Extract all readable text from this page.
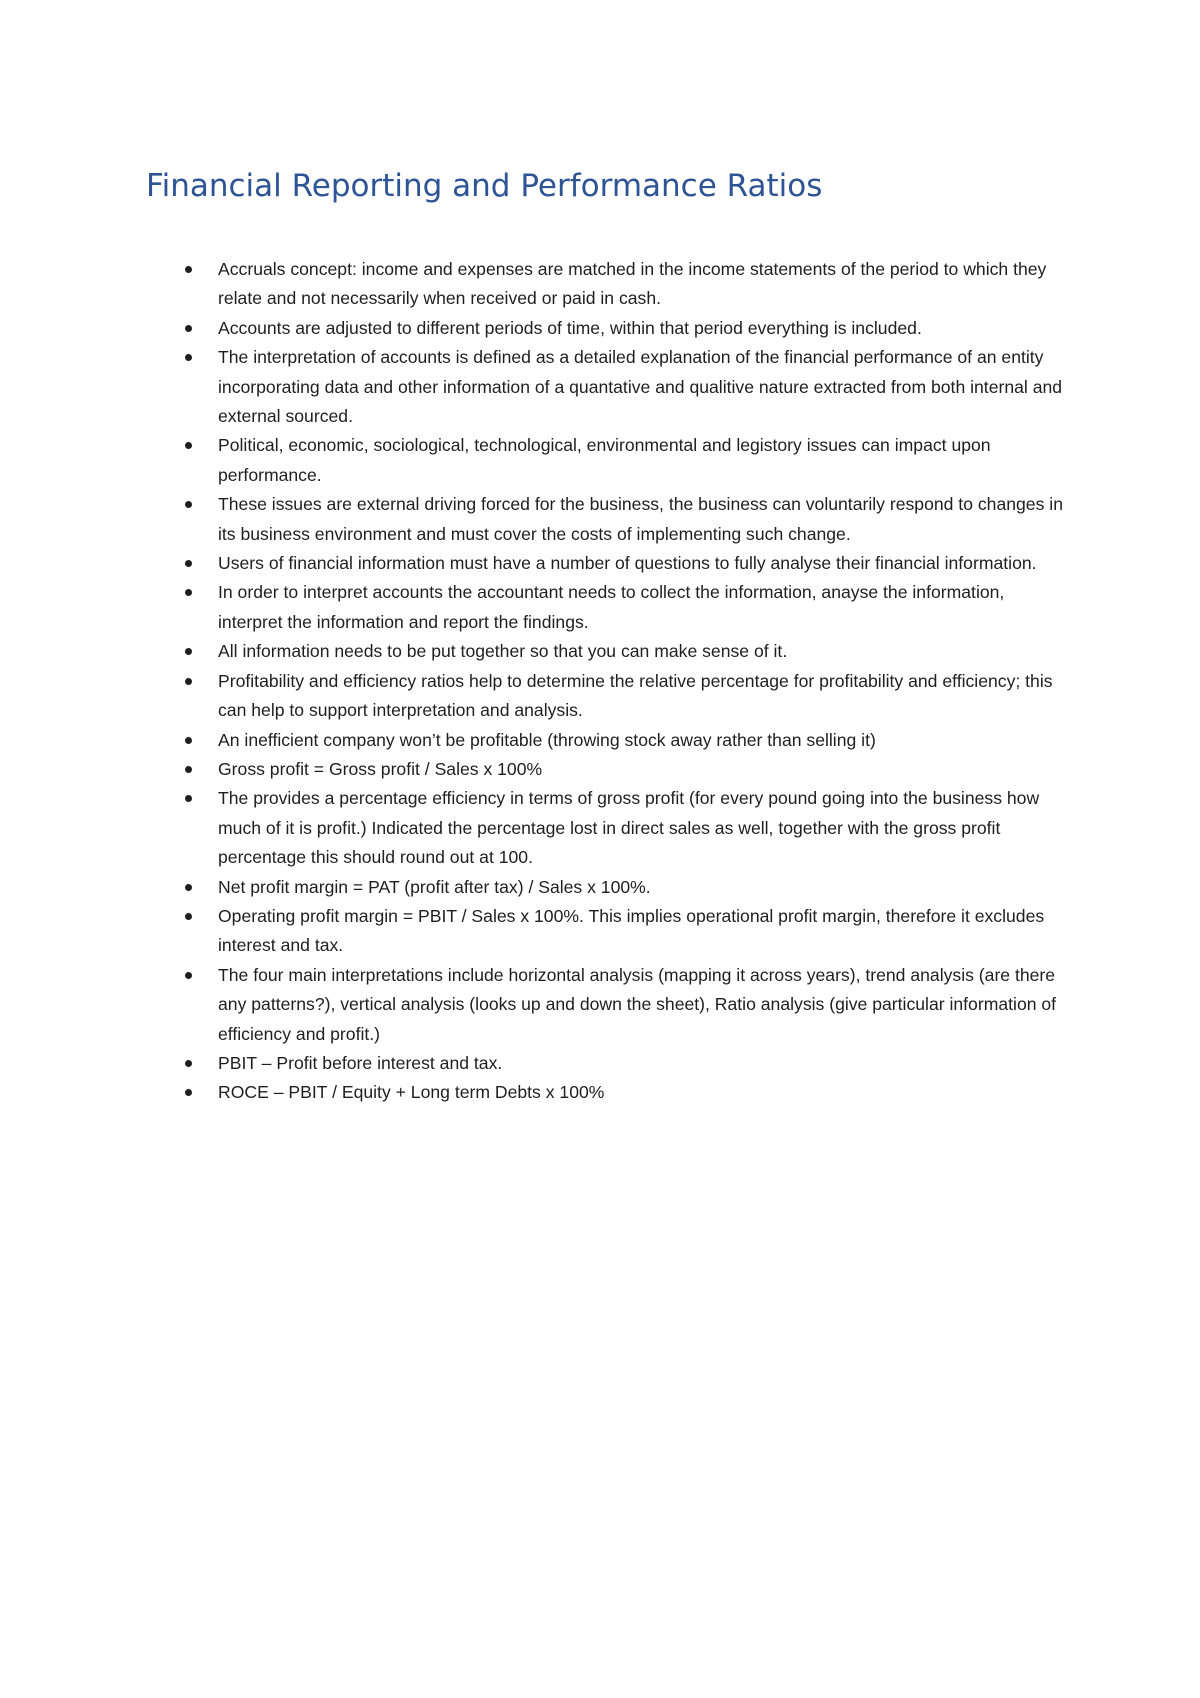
Financial Reporting and Performance Ratios
Accruals concept: income and expenses are matched in the income statements of the period to which they relate and not necessarily when received or paid in cash.
Accounts are adjusted to different periods of time, within that period everything is included.
The interpretation of accounts is defined as a detailed explanation of the financial performance of an entity incorporating data and other information of a quantative and qualitive nature extracted from both internal and external sourced.
Political, economic, sociological, technological, environmental and legistory issues can impact upon performance.
These issues are external driving forced for the business, the business can voluntarily respond to changes in its business environment and must cover the costs of implementing such change.
Users of financial information must have a number of questions to fully analyse their financial information.
In order to interpret accounts the accountant needs to collect the information, anayse the information, interpret the information and report the findings.
All information needs to be put together so that you can make sense of it.
Profitability and efficiency ratios help to determine the relative percentage for profitability and efficiency; this can help to support interpretation and analysis.
An inefficient company won’t be profitable (throwing stock away rather than selling it)
Gross profit = Gross profit / Sales x 100%
The provides a percentage efficiency in terms of gross profit (for every pound going into the business how much of it is profit.) Indicated the percentage lost in direct sales as well, together with the gross profit percentage this should round out at 100.
Net profit margin = PAT (profit after tax) / Sales x 100%.
Operating profit margin = PBIT / Sales x 100%. This implies operational profit margin, therefore it excludes interest and tax.
The four main interpretations include horizontal analysis (mapping it across years), trend analysis (are there any patterns?), vertical analysis (looks up and down the sheet), Ratio analysis (give particular information of efficiency and profit.)
PBIT – Profit before interest and tax.
ROCE – PBIT / Equity + Long term Debts x 100%
